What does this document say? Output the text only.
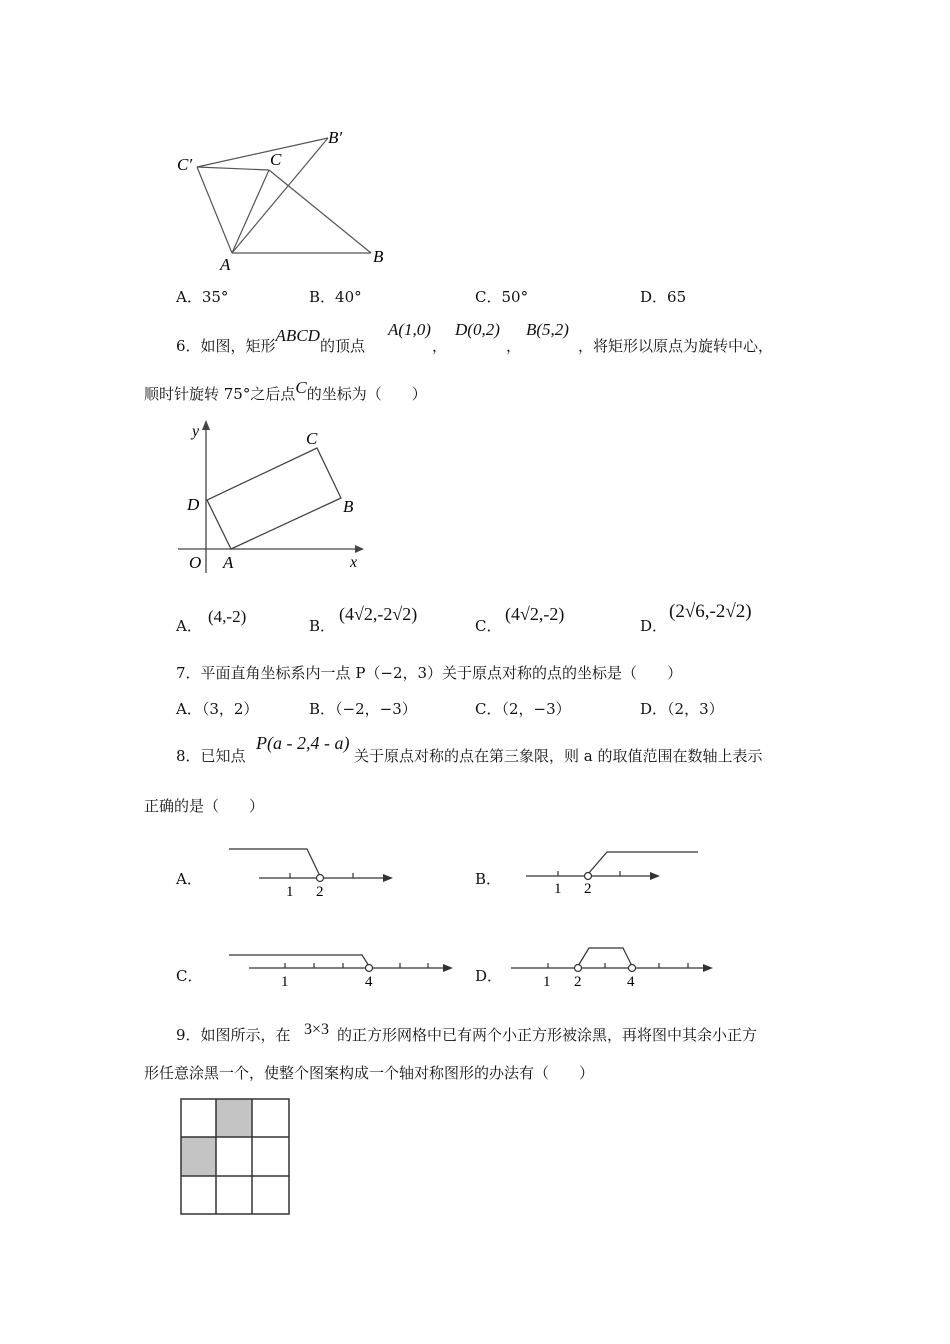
C′	C
B′
A	B
A．35°	B．40°	C．50°	D．65
6．如图，矩形ABCD的顶点
A(1,0)
，
D(0,2)
，
B(5,2)
，将矩形以原点为旋转中心，
顺时针旋转 75°之后点C的坐标为（　　）
y
x
O A
B
C
D
A． (4,-2)	B．
(4√2,-2√2)
C．
(4√2,-2)
D．
(2√6,-2√2)
7．平面直角坐标系内一点 P（−2，3）关于原点对称的点的坐标是（　　）
A．（3，2）	B．（−2，−3）	C．（2，−3）	D．（2，3）
8．已知点
P(a - 2,4 - a)
关于原点对称的点在第三象限，则 a 的取值范围在数轴上表示
正确的是（　　）
A．
1 2
B．
1 2
C．	1	4	D．	1 2	4
9．如图所示，在 3×3 的正方形网格中已有两个小正方形被涂黑，再将图中其余小正方
形任意涂黑一个，使整个图案构成一个轴对称图形的办法有（　　）
